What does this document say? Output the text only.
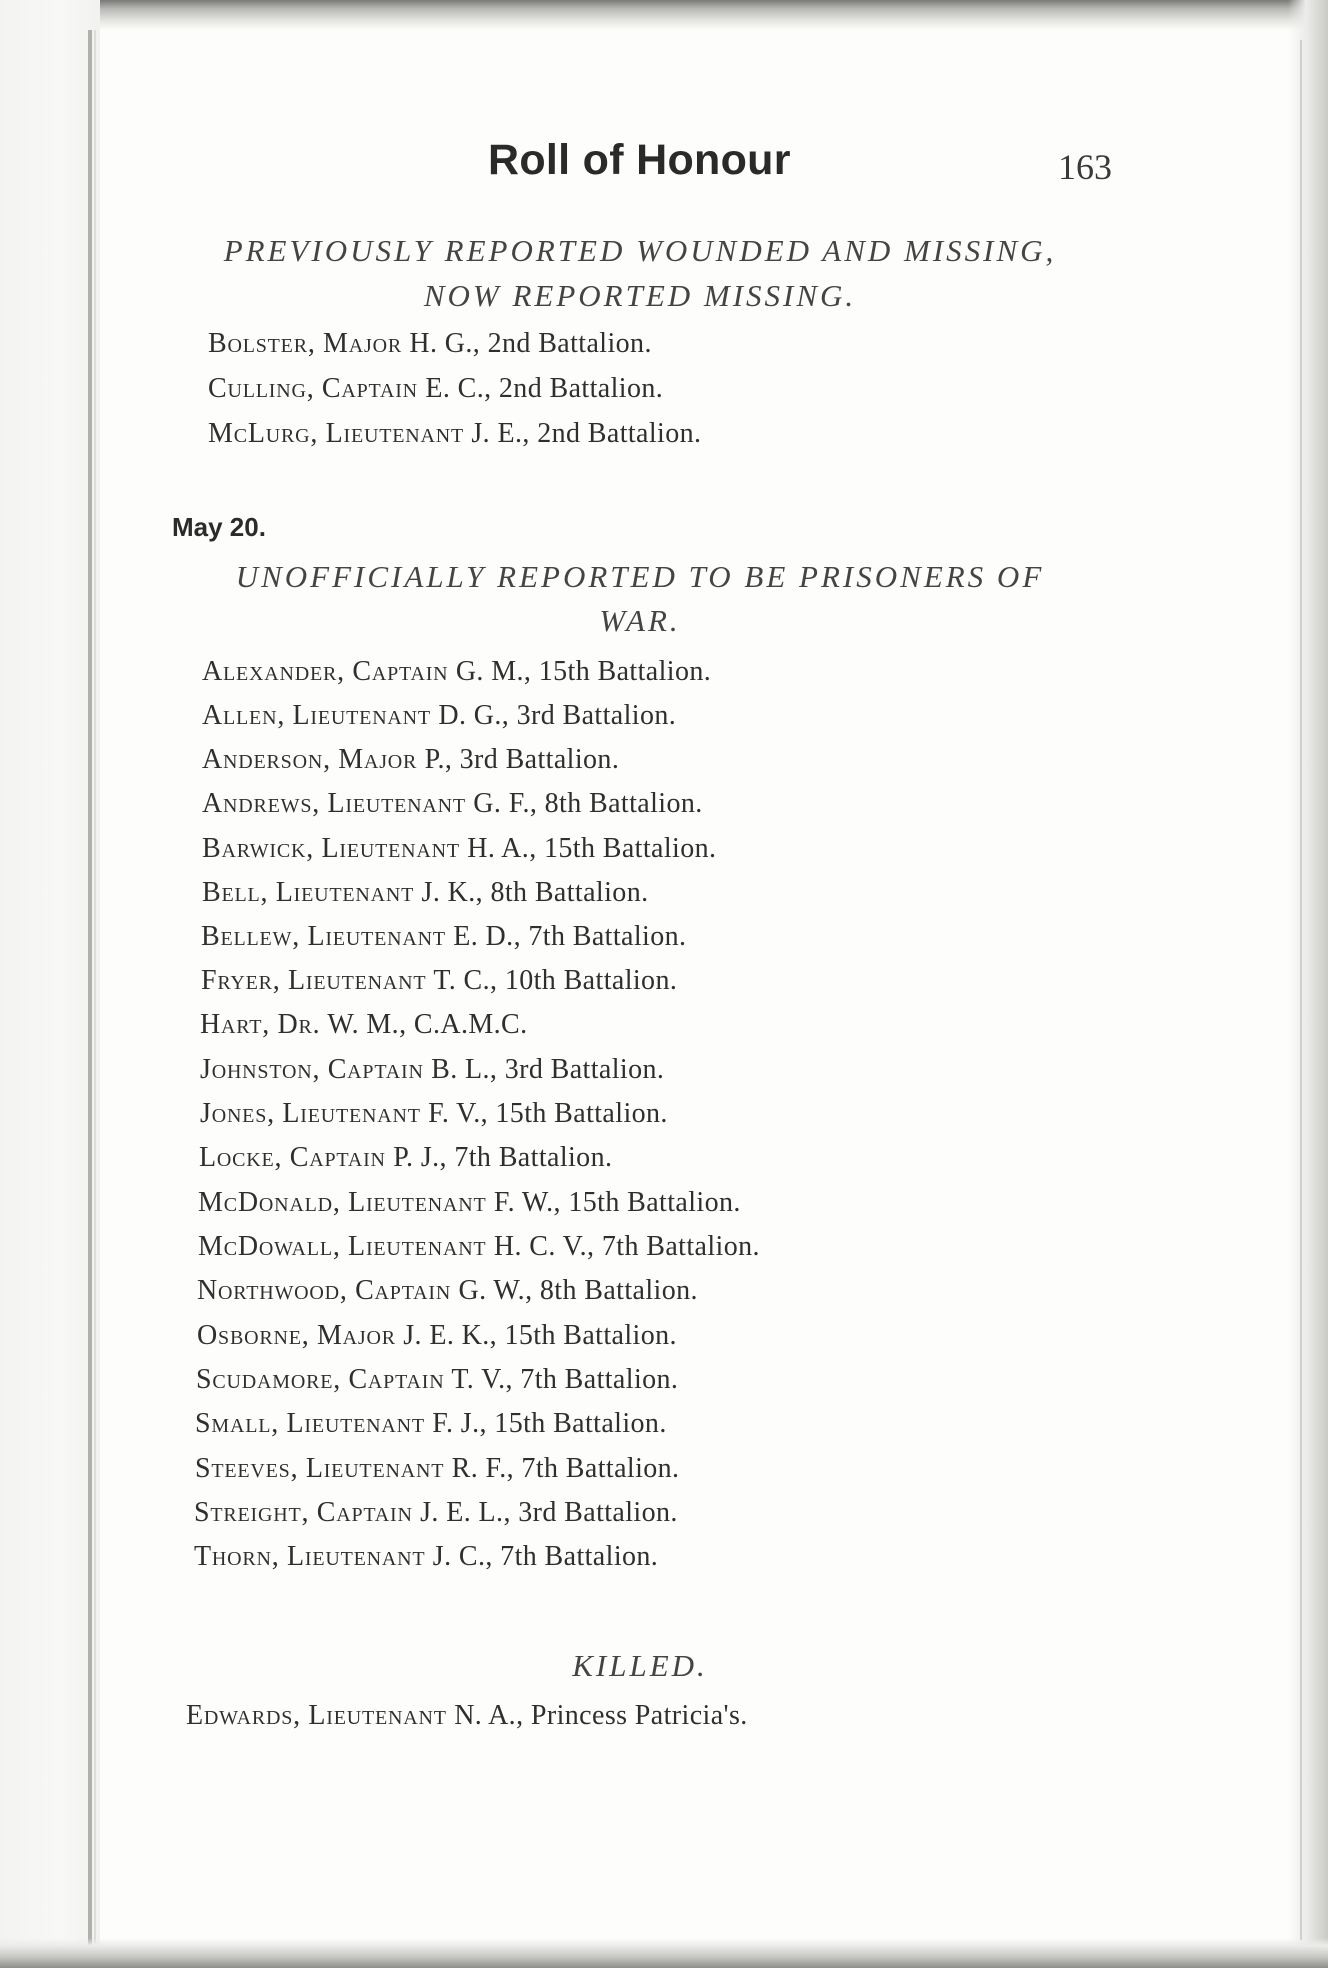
Roll of Honour	163
PREVIOUSLY REPORTED WOUNDED AND MISSING,
NOW REPORTED MISSING.
Bolster, Major H. G., 2nd Battalion.
Culling, Captain E. C., 2nd Battalion.
McLurg, Lieutenant J. E., 2nd Battalion.
May 20.
UNOFFICIALLY REPORTED TO BE PRISONERS OF
WAR.
Alexander, Captain G. M., 15th Battalion.
Allen, Lieutenant D. G., 3rd Battalion.
Anderson, Major P., 3rd Battalion.
Andrews, Lieutenant G. F., 8th Battalion.
Barwick, Lieutenant H. A., 15th Battalion.
Bell, Lieutenant J. K., 8th Battalion.
Bellew, Lieutenant E. D., 7th Battalion.
Fryer, Lieutenant T. C., 10th Battalion.
Hart, Dr. W. M., C.A.M.C.
Johnston, Captain B. L., 3rd Battalion.
Jones, Lieutenant F. V., 15th Battalion.
Locke, Captain P. J., 7th Battalion.
McDonald, Lieutenant F. W., 15th Battalion.
McDowall, Lieutenant H. C. V., 7th Battalion.
Northwood, Captain G. W., 8th Battalion.
Osborne, Major J. E. K., 15th Battalion.
Scudamore, Captain T. V., 7th Battalion.
Small, Lieutenant F. J., 15th Battalion.
Steeves, Lieutenant R. F., 7th Battalion.
Streight, Captain J. E. L., 3rd Battalion.
Thorn, Lieutenant J. C., 7th Battalion.
KILLED.
Edwards, Lieutenant N. A., Princess Patricia's.
